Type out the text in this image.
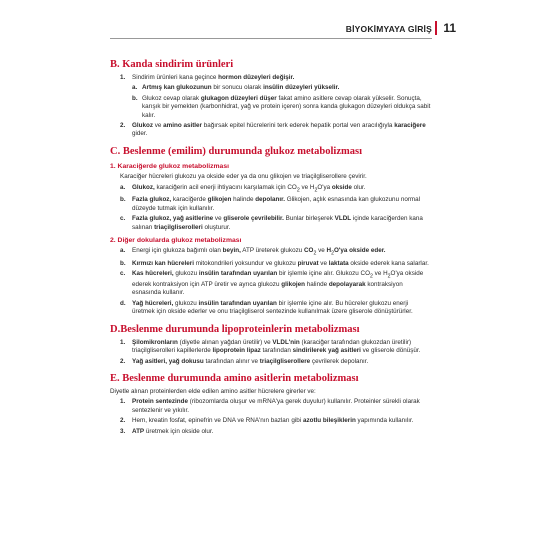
BİYOKİMYAYA GİRİŞ 11
B. Kanda sindirim ürünleri
1. Sindirim ürünleri kana geçince hormon düzeyleri değişir.
a. Artmış kan glukozunun bir sonucu olarak insülin düzeyleri yükselir.
b. Glukoz cevap olarak glukagon düzeyleri düşer fakat amino asitlere cevap olarak yükselir. Sonuçta, karışık bir yemekten (karbonhidrat, yağ ve protein içeren) sonra kanda glukagon düzeyleri oldukça sabit kalır.
2. Glukoz ve amino asitler bağırsak epitel hücrelerini terk ederek hepatik portal ven aracılığıyla karaciğere gider.
C. Beslenme (emilim) durumunda glukoz metabolizması
1. Karaciğerde glukoz metabolizması
Karaciğer hücreleri glukozu ya okside eder ya da onu glikojen ve triaçilgliserollere çevirir.
a. Glukoz, karaciğerin acil enerji ihtiyacını karşılamak için $CO_2$ ve $H_2O'ya$ okside olur.
b. Fazla glukoz, karaciğerde glikojen halinde depolanır. Glikojen, açlık esnasında kan glukozunu normal düzeyde tutmak için kullanılır.
c. Fazla glukoz, yağ asitlerine ve gliserole çevrilebilir. Bunlar birleşerek VLDL içinde karaciğerden kana salınan triaçilgliserolleri oluşturur.
2. Diğer dokularda glukoz metabolizması
a. Energi için glukoza bağımlı olan beyin, ATP üreterek glukozu $CO_2$ ve $H_2O'ya$ okside eder.
b. Kırmızı kan hücreleri mitokondrileri yoksundur ve glukozu piruvat ve laktata okside ederek kana salarlar.
c. Kas hücreleri, glukozu insülin tarafından uyarılan bir işlemle içine alır. Glukozu $CO_2$ ve $H_2O'ya$ okside ederek kontraksiyon için ATP üretir ve ayrıca glukozu glikojen halinde depolayarak kontraksiyon esnasında kullanır.
d. Yağ hücreleri, glukozu insülin tarafından uyarılan bir işlemle içine alır. Bu hücreler glukozu enerji üretmek için okside ederler ve onu triaçilgliserol sentezinde kullanılmak üzere gliserole dönüştürürler.
D.Beslenme durumunda lipoproteinlerin metabolizması
1. Şilomikronların (diyetle alınan yağdan üretilir) ve VLDL'nin (karaciğer tarafından glukozdan üretilir) triaçilgliserolleri kapillerlerde lipoprotein lipaz tarafından sindirilerek yağ asitleri ve gliserole dönüşür.
2. Yağ asitleri, yağ dokusu tarafından alınır ve triaçilgliserollere çevrilerek depolanır.
E. Beslenme durumunda amino asitlerin metabolizması
Diyetle alınan proteinlerden elde edilen amino asitler hücrelere girerler ve:
1. Protein sentezinde (ribozomlarda oluşur ve mRNA'ya gerek duyulur) kullanılır. Proteinler sürekli olarak sentezlenir ve yıkılır.
2. Hem, kreatin fosfat, epinefrin ve DNA ve RNA'nın bazları gibi azotlu bileşiklerin yapımında kullanılır.
3. ATP üretmek için okside olur.
